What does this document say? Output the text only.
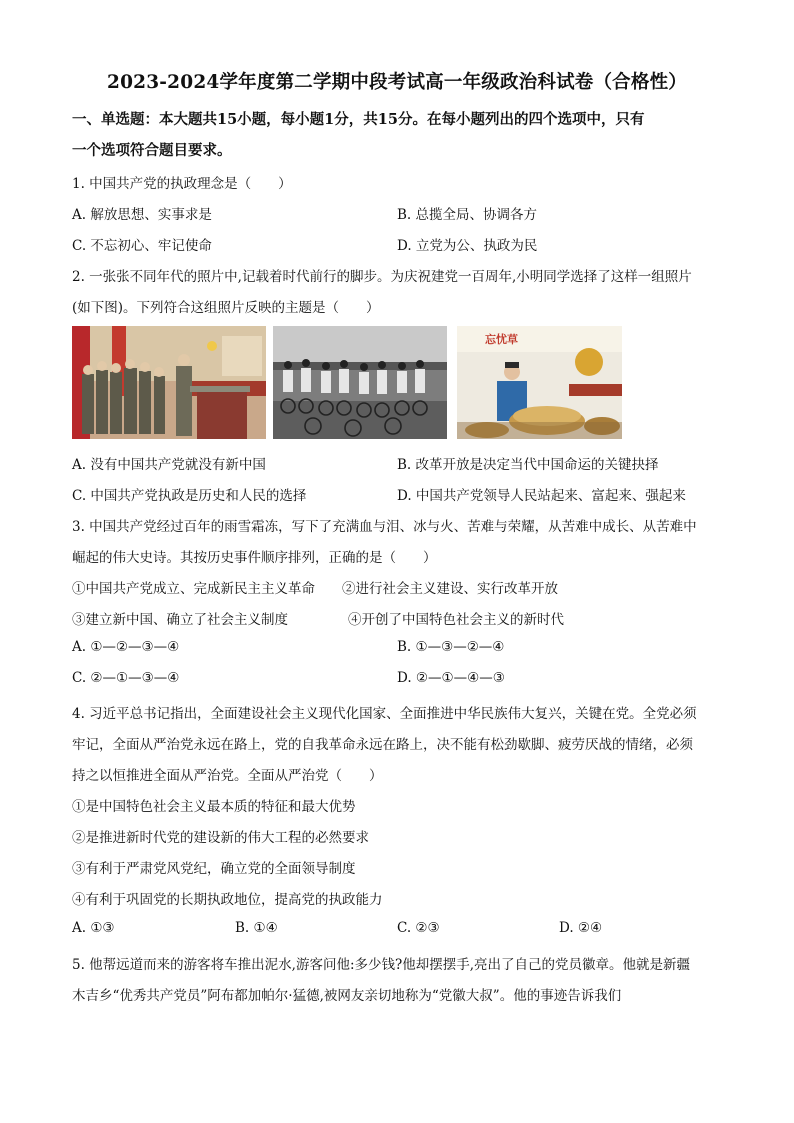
2023-2024学年度第二学期中段考试高一年级政治科试卷（合格性）
一、单选题：本大题共15小题，每小题1分，共15分。在每小题列出的四个选项中，只有
一个选项符合题目要求。
1. 中国共产党的执政理念是（　　）
A. 解放思想、实事求是	B. 总揽全局、协调各方
C. 不忘初心、牢记使命	D. 立党为公、执政为民
2. 一张张不同年代的照片中,记载着时代前行的脚步。为庆祝建党一百周年,小明同学选择了这样一组照片
(如下图)。下列符合这组照片反映的主题是（　　）
忘忧草
A. 没有中国共产党就没有新中国	B. 改革开放是决定当代中国命运的关键抉择
C. 中国共产党执政是历史和人民的选择	D. 中国共产党领导人民站起来、富起来、强起来
3. 中国共产党经过百年的雨雪霜冻，写下了充满血与泪、冰与火、苦难与荣耀，从苦难中成长、从苦难中
崛起的伟大史诗。其按历史事件顺序排列，正确的是（　　）
①中国共产党成立、完成新民主主义革命 ②进行社会主义建设、实行改革开放
③建立新中国、确立了社会主义制度	④开创了中国特色社会主义的新时代
A. ①—②—③—④	B. ①—③—②—④
C. ②—①—③—④	D. ②—①—④—③
4. 习近平总书记指出，全面建设社会主义现代化国家、全面推进中华民族伟大复兴，关键在党。全党必须
牢记，全面从严治党永远在路上，党的自我革命永远在路上，决不能有松劲歇脚、疲劳厌战的情绪，必须
持之以恒推进全面从严治党。全面从严治党（　　）
①是中国特色社会主义最本质的特征和最大优势
②是推进新时代党的建设新的伟大工程的必然要求
③有利于严肃党风党纪，确立党的全面领导制度
④有利于巩固党的长期执政地位，提高党的执政能力
A. ①③	B. ①④	C. ②③	D. ②④
5. 他帮远道而来的游客将车推出泥水,游客问他:多少钱?他却摆摆手,亮出了自己的党员徽章。他就是新疆
木吉乡“优秀共产党员”阿布都加帕尔·猛德,被网友亲切地称为“党徽大叔”。他的事迹告诉我们
